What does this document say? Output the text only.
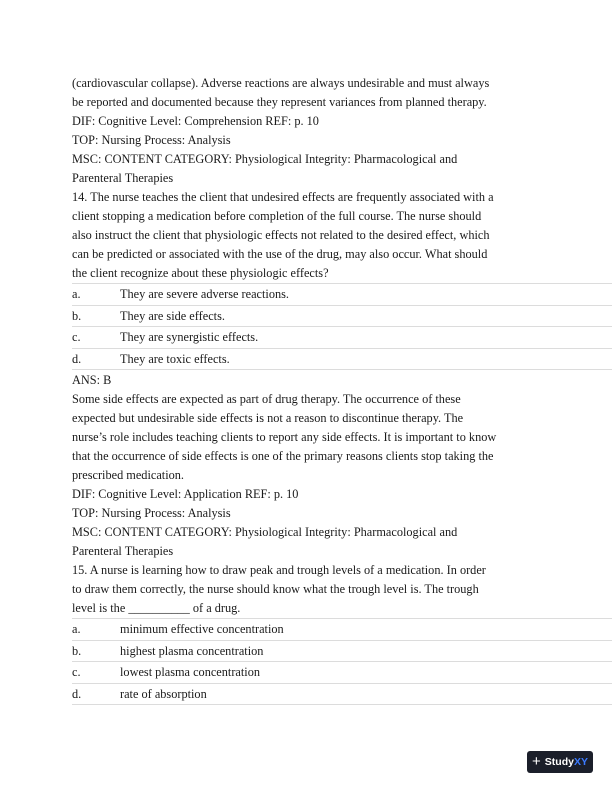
(cardiovascular collapse). Adverse reactions are always undesirable and must always
be reported and documented because they represent variances from planned therapy.
DIF: Cognitive Level: Comprehension REF: p. 10
TOP: Nursing Process: Analysis
MSC: CONTENT CATEGORY: Physiological Integrity: Pharmacological and
Parenteral Therapies
14. The nurse teaches the client that undesired effects are frequently associated with a
client stopping a medication before completion of the full course. The nurse should
also instruct the client that physiologic effects not related to the desired effect, which
can be predicted or associated with the use of the drug, may also occur. What should
the client recognize about these physiologic effects?
a.	They are severe adverse reactions.
b.	They are side effects.
c.	They are synergistic effects.
d.	They are toxic effects.
ANS: B
Some side effects are expected as part of drug therapy. The occurrence of these
expected but undesirable side effects is not a reason to discontinue therapy. The
nurse’s role includes teaching clients to report any side effects. It is important to know
that the occurrence of side effects is one of the primary reasons clients stop taking the
prescribed medication.
DIF: Cognitive Level: Application REF: p. 10
TOP: Nursing Process: Analysis
MSC: CONTENT CATEGORY: Physiological Integrity: Pharmacological and
Parenteral Therapies
15. A nurse is learning how to draw peak and trough levels of a medication. In order
to draw them correctly, the nurse should know what the trough level is. The trough
level is the __________ of a drug.
a.	minimum effective concentration
b.	highest plasma concentration
c.	lowest plasma concentration
d.	rate of absorption
+ Study XY
